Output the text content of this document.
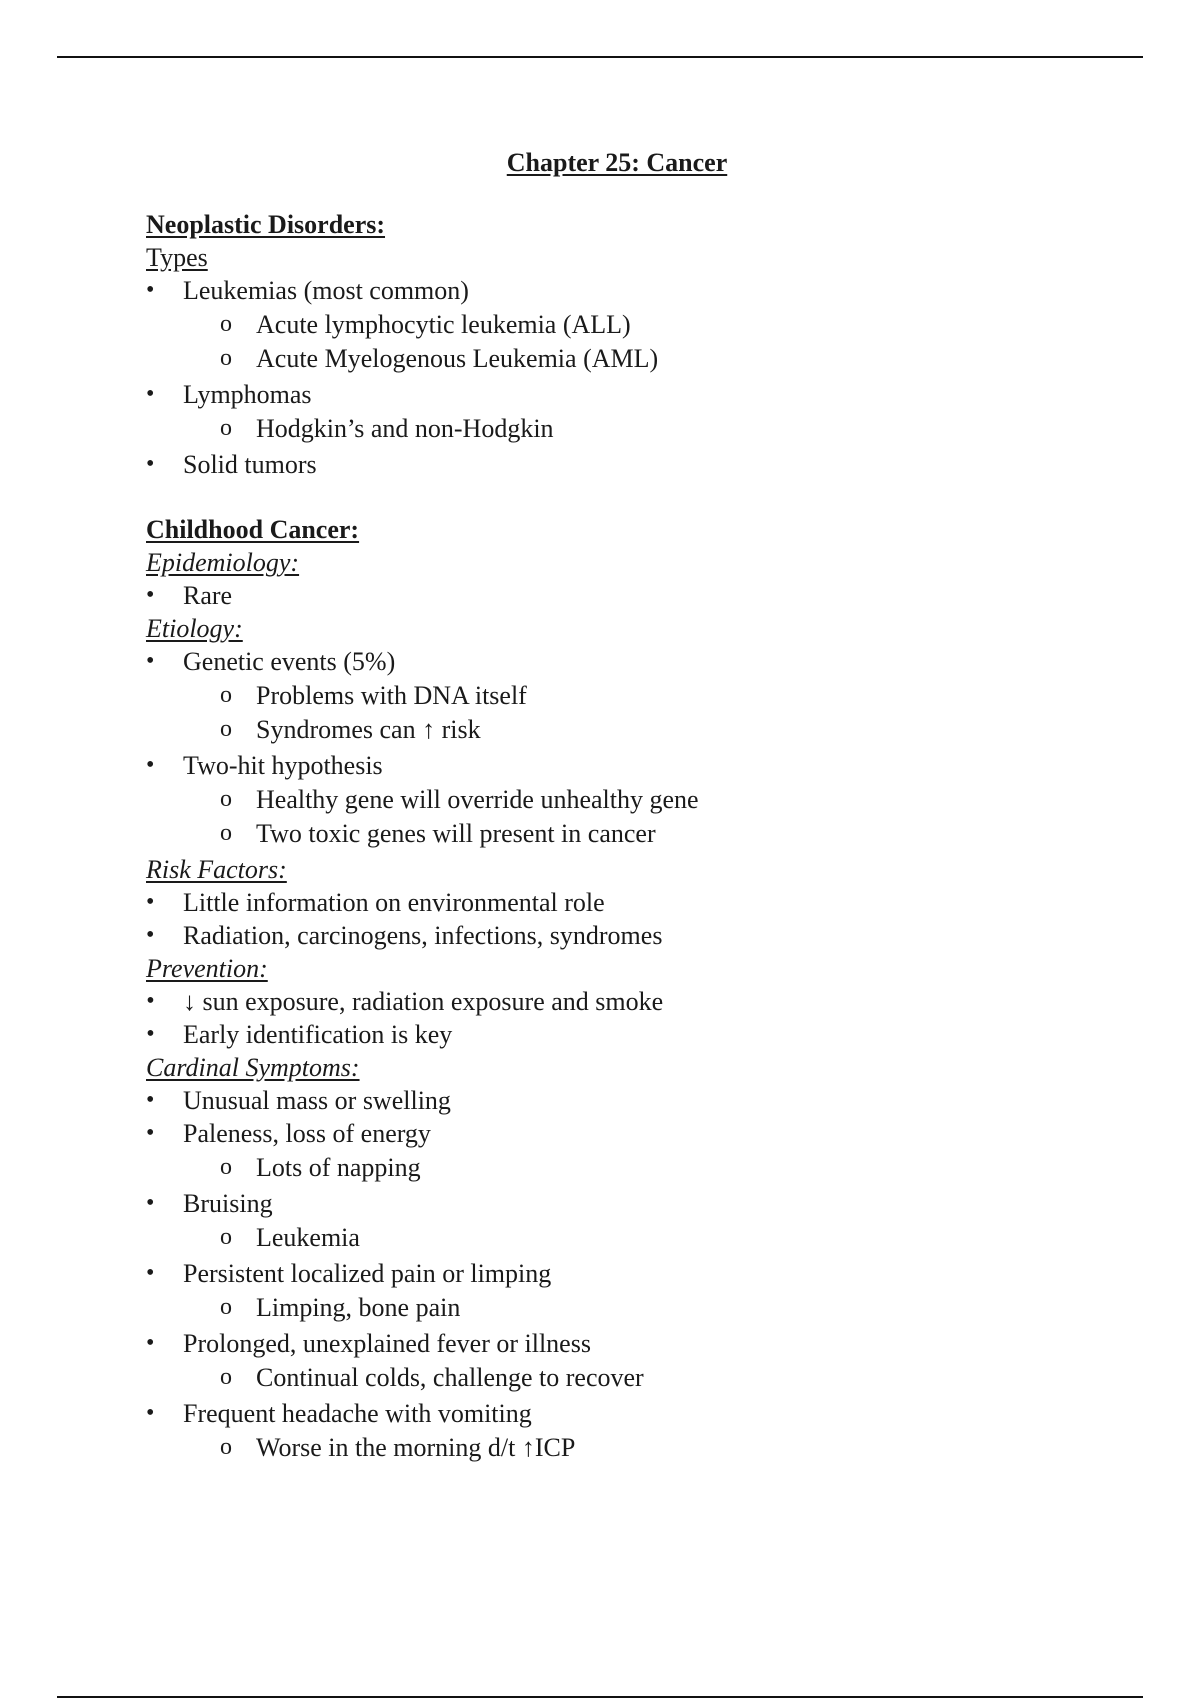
Chapter 25: Cancer
Neoplastic Disorders:
Types
•
Leukemias (most common)
o
Acute lymphocytic leukemia (ALL)
o
Acute Myelogenous Leukemia (AML)
•
Lymphomas
o
Hodgkin’s and non-Hodgkin
•
Solid tumors
Childhood Cancer:
Epidemiology:
•
Rare
Etiology:
•
Genetic events (5%)
o
Problems with DNA itself
o
Syndromes can ↑ risk
•
Two-hit hypothesis
o
Healthy gene will override unhealthy gene
o
Two toxic genes will present in cancer
Risk Factors:
•
Little information on environmental role
•
Radiation, carcinogens, infections, syndromes
Prevention:
•
↓ sun exposure, radiation exposure and smoke
•
Early identification is key
Cardinal Symptoms:
•
Unusual mass or swelling
•
Paleness, loss of energy
o
Lots of napping
•
Bruising
o
Leukemia
•
Persistent localized pain or limping
o
Limping, bone pain
•
Prolonged, unexplained fever or illness
o
Continual colds, challenge to recover
•
Frequent headache with vomiting
o
Worse in the morning d/t ↑ICP
